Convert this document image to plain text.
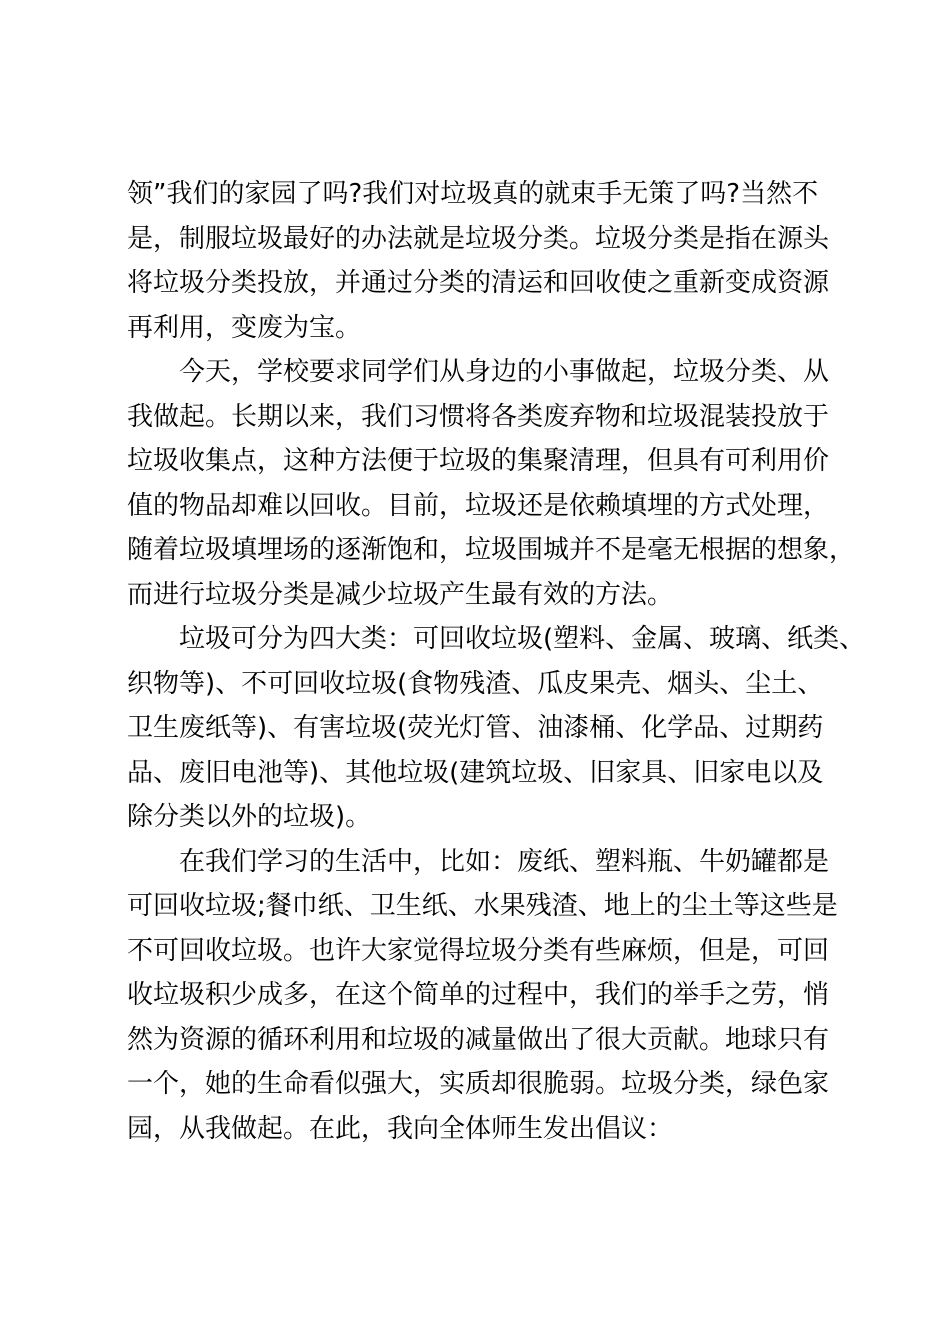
领”我们的家园了吗?我们对垃圾真的就束手无策了吗?当然不
是，制服垃圾最好的办法就是垃圾分类。垃圾分类是指在源头
将垃圾分类投放，并通过分类的清运和回收使之重新变成资源
再利用，变废为宝。
今天，学校要求同学们从身边的小事做起，垃圾分类、从
我做起。长期以来，我们习惯将各类废弃物和垃圾混装投放于
垃圾收集点，这种方法便于垃圾的集聚清理，但具有可利用价
值的物品却难以回收。目前，垃圾还是依赖填埋的方式处理，
随着垃圾填埋场的逐渐饱和，垃圾围城并不是毫无根据的想象，
而进行垃圾分类是减少垃圾产生最有效的方法。
垃圾可分为四大类：可回收垃圾(塑料、金属、玻璃、纸类、
织物等)、不可回收垃圾(食物残渣、瓜皮果壳、烟头、尘土、
卫生废纸等)、有害垃圾(荧光灯管、油漆桶、化学品、过期药
品、废旧电池等)、其他垃圾(建筑垃圾、旧家具、旧家电以及
除分类以外的垃圾)。
在我们学习的生活中，比如：废纸、塑料瓶、牛奶罐都是
可回收垃圾;餐巾纸、卫生纸、水果残渣、地上的尘土等这些是
不可回收垃圾。也许大家觉得垃圾分类有些麻烦，但是，可回
收垃圾积少成多，在这个简单的过程中，我们的举手之劳，悄
然为资源的循环利用和垃圾的减量做出了很大贡献。地球只有
一个，她的生命看似强大，实质却很脆弱。垃圾分类，绿色家
园，从我做起。在此，我向全体师生发出倡议：
